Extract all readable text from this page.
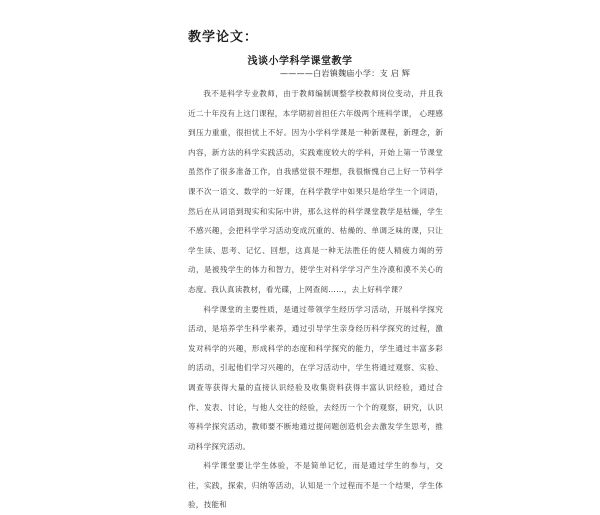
教学论文：
浅谈小学科学课堂教学
————白岩镇魏庙小学：支 启 辉

我不是科学专业教师，由于教师编制调整学校教师岗位变动，并且我近二十年没有上这门课程，本学期初首担任六年级两个班科学课， 心理感到压力重重，很担忧上不好。因为小学科学课是一种新课程，新理念，新内容，新方法的科学实践活动，实践难度较大的学科，开始上第一节课堂虽然作了很多准备工作，自我感觉很不理想，我很惭愧自己上好一节科学课不次一语文、数学的一好课，在科学教学中如果只是给学生一个词语，然后在从词语到现实和实际中讲，那么这样的科学课堂教学是枯燥，学生不感兴趣，会把科学学习活动变成沉重的、枯燥的、单调乏味的课，只让学生读、思考、记忆、回想，这真是一种无法胜任的使人精疲力竭的劳动，是被残学生的体力和智力，使学生对科学学习产生冷漠和漠不关心的态度。我认真读教材，看光碟，上网查阅……，去上好科学课？

科学课堂的主要性质，是通过带领学生经历学习活动，开展科学探究活动，是培养学生科学素养，通过引导学生亲身经历科学探究的过程，激发对科学的兴趣，形成科学的态度和科学探究的能力，学生通过丰富多彩的活动，引起他们学习兴趣的，在学习活动中，学生将通过观察、实验、调查等获得大量的直接认识经验及收集资料获得丰富认识经验，通过合作、发表、讨论，与他人交往的经验，去经历一个个的观察，研究，认识等科学探究活动，教师要不断地通过提问题创造机会去激发学生思考，推动科学探究活动。

科学课堂要让学生体验，不是简单记忆，而是通过学生的参与，交往，实践，探索，归纳等活动，认知是一个过程而不是一个结果，学生体验，技能和
